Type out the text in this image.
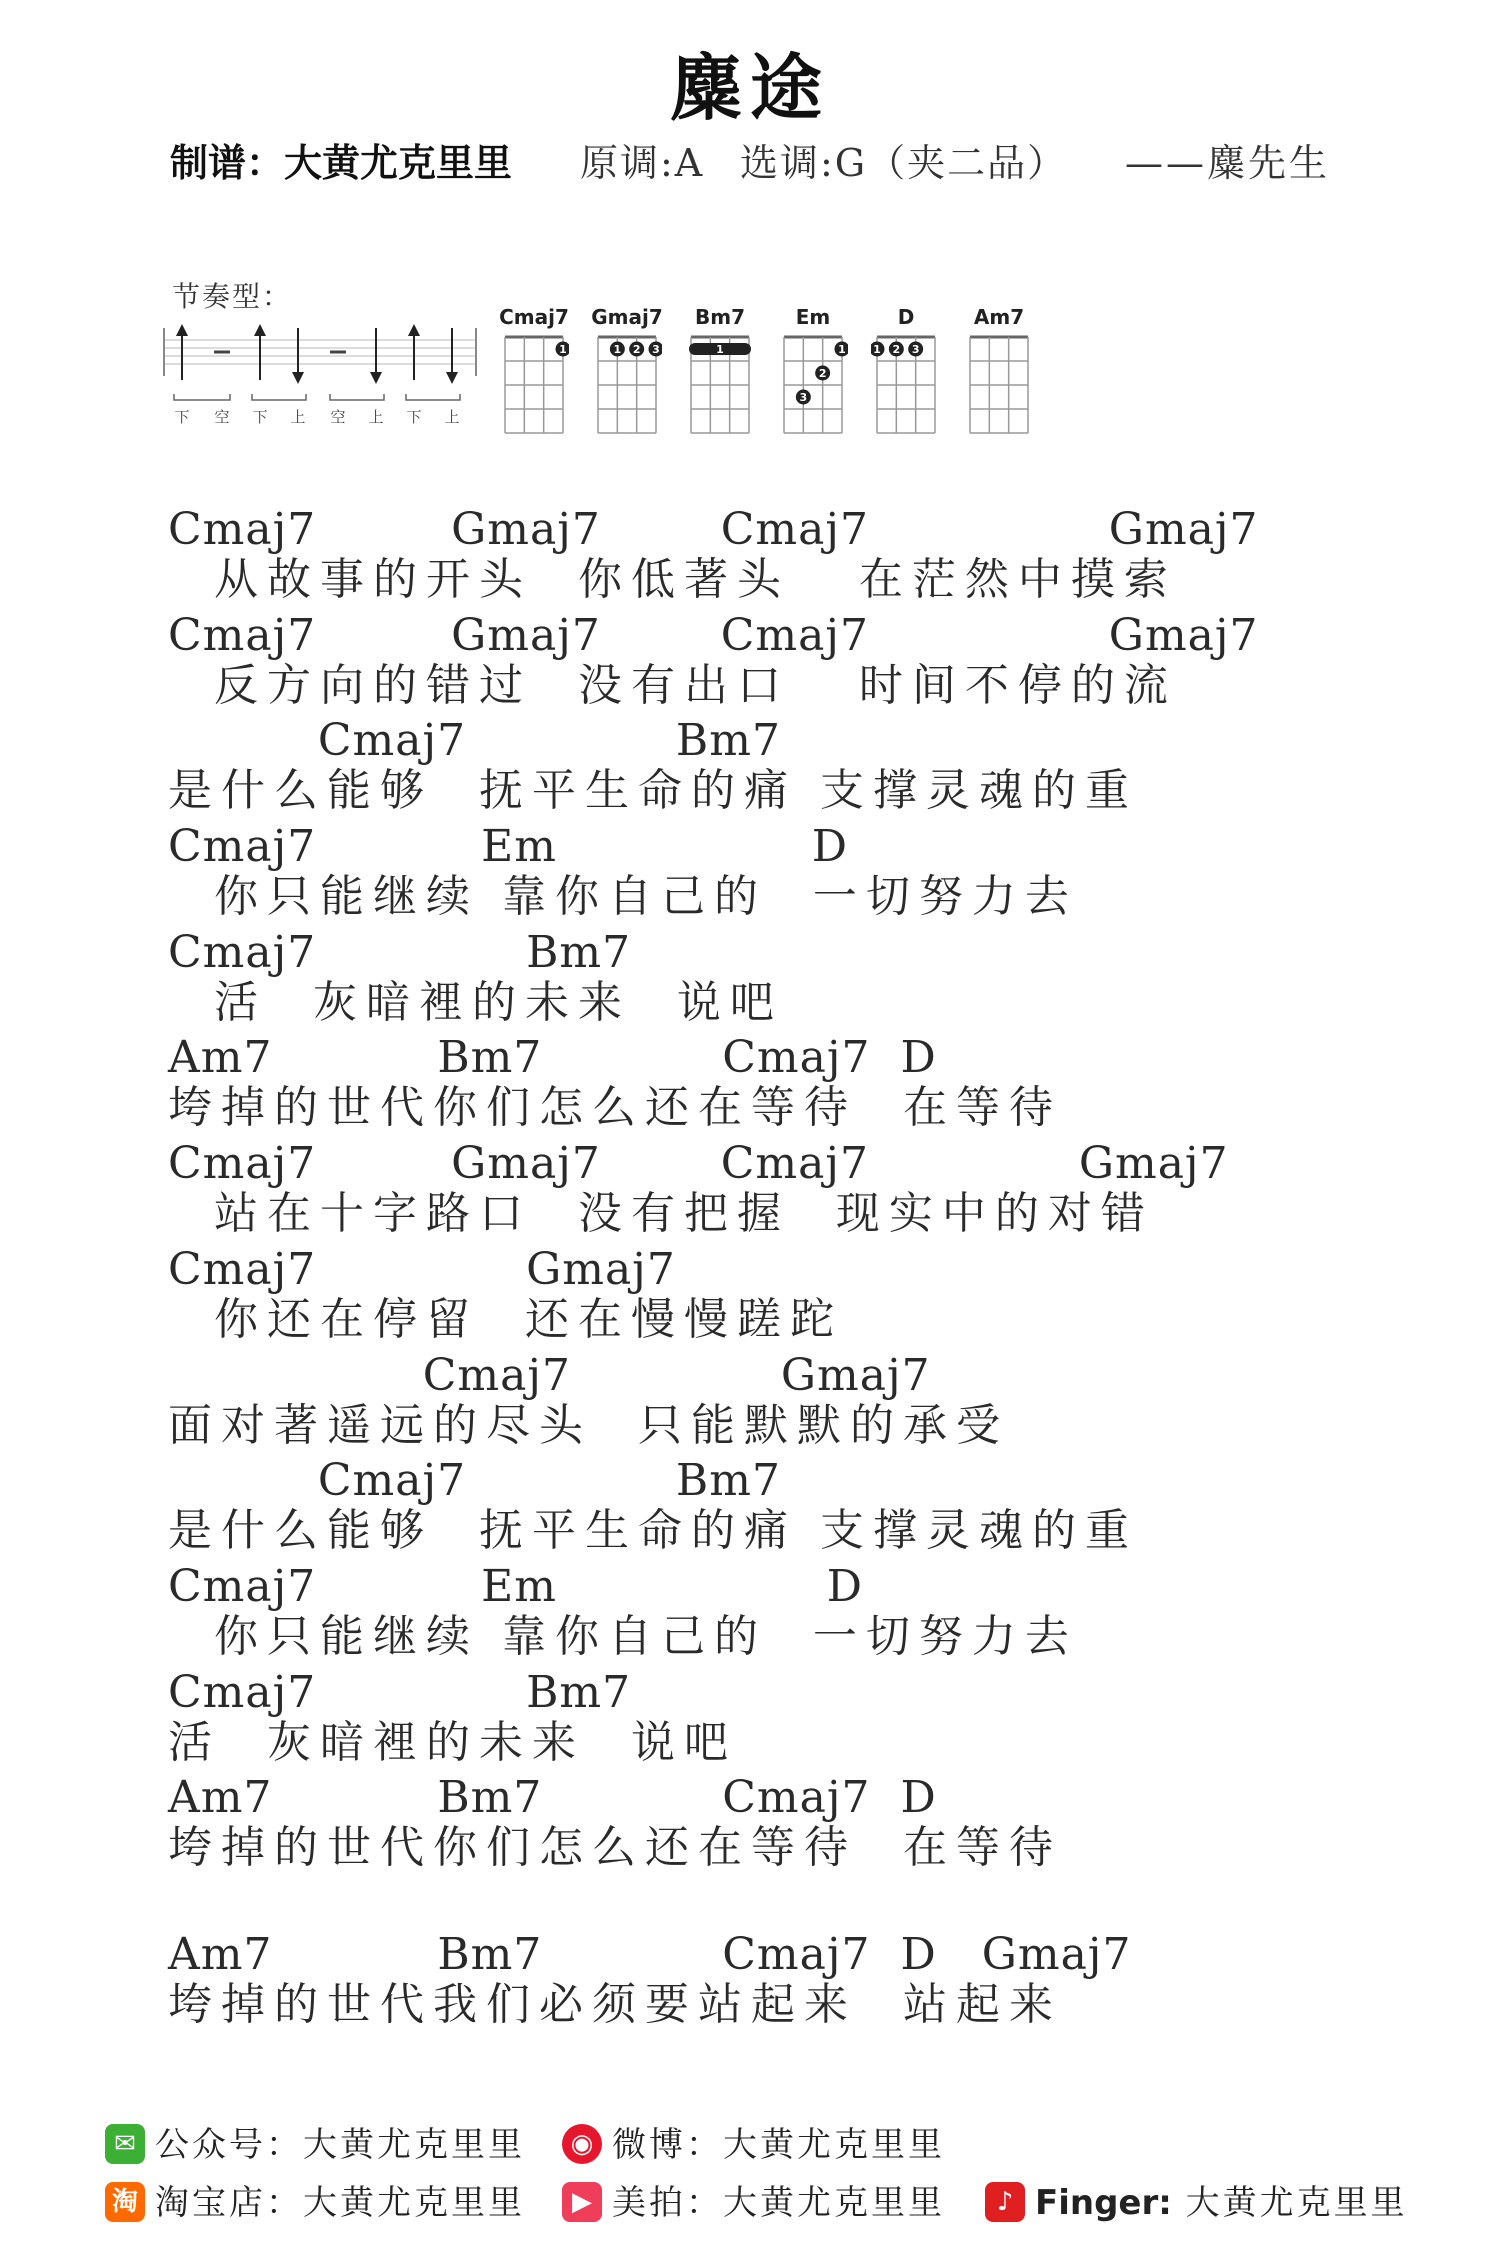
麋途
制谱：大黄尤克里里 原调:A 选调:G（夹二品） ——麋先生
节奏型：
下 空 下 上 空 上 下 上
Cmaj7
1
Gmaj7
1 2 3
Bm7
1
Em
1
2
3
D
1 2 3
Am7
Cmaj7         Gmaj7        Cmaj7                Gmaj7
从故事的开头  你低著头   在茫然中摸索
Cmaj7         Gmaj7        Cmaj7                Gmaj7
反方向的错过  没有出口   时间不停的流
Cmaj7              Bm7
是什么能够  抚平生命的痛 支撑灵魂的重
Cmaj7           Em                 D
你只能继续 靠你自己的  一切努力去
Cmaj7              Bm7
活  灰暗裡的未来  说吧
Am7           Bm7            Cmaj7  D
垮掉的世代你们怎么还在等待  在等待
Cmaj7         Gmaj7        Cmaj7              Gmaj7
站在十字路口  没有把握  现实中的对错
Cmaj7              Gmaj7
你还在停留  还在慢慢蹉跎
Cmaj7              Gmaj7
面对著遥远的尽头  只能默默的承受
Cmaj7              Bm7
是什么能够  抚平生命的痛 支撑灵魂的重
Cmaj7           Em                  D
你只能继续 靠你自己的  一切努力去
Cmaj7              Bm7
活  灰暗裡的未来  说吧
Am7           Bm7            Cmaj7  D
垮掉的世代你们怎么还在等待  在等待
Am7           Bm7            Cmaj7  D   Gmaj7
垮掉的世代我们必须要站起来  站起来
✉ 公众号：大黄尤克里里	◉ 微博：大黄尤克里里
淘 淘宝店：大黄尤克里里	▶ 美拍：大黄尤克里里	♪ Finger: 大黄尤克里里
